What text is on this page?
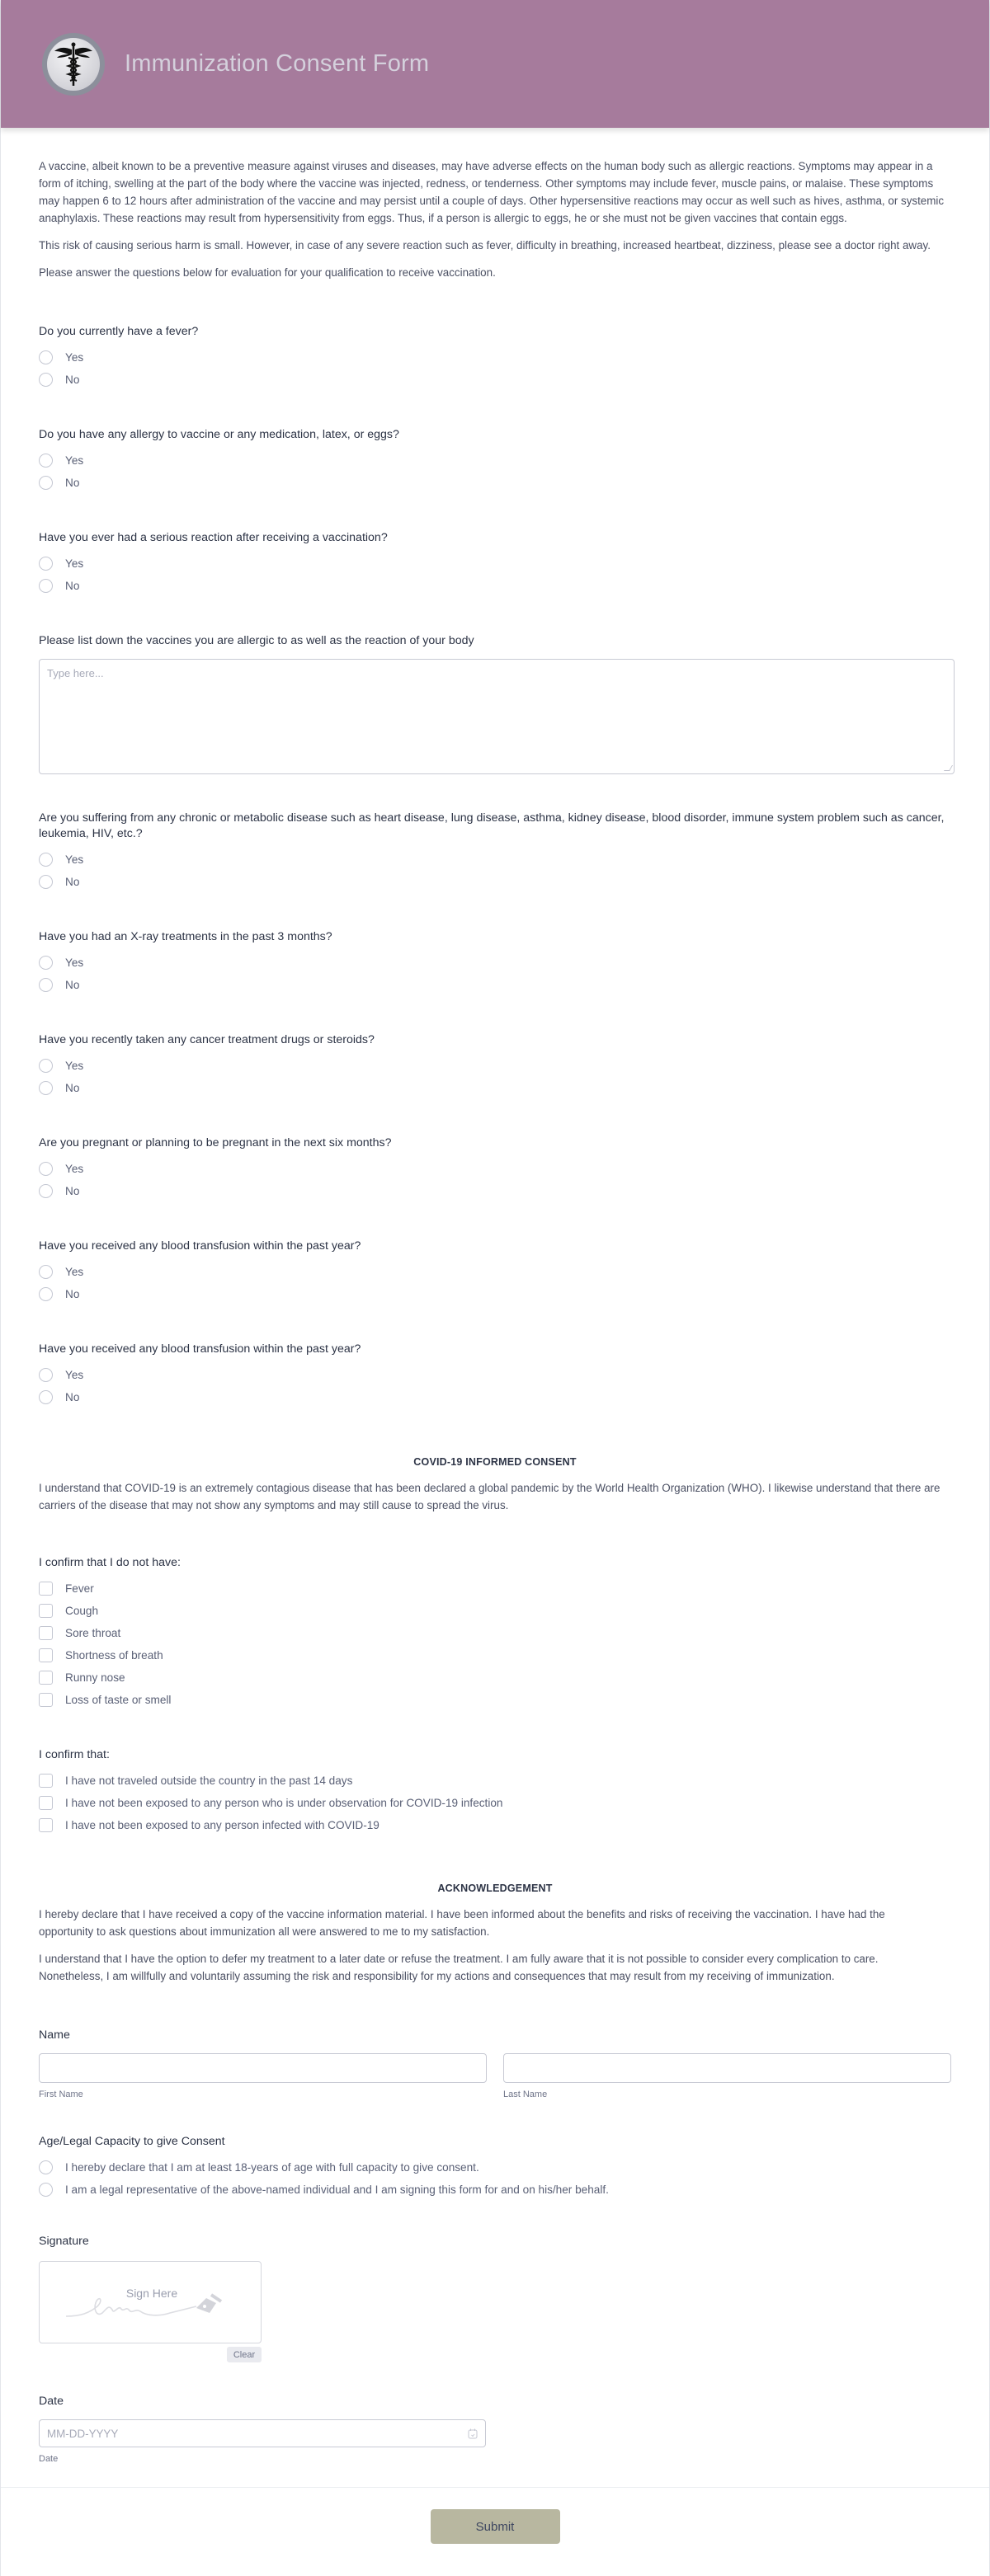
Immunization Consent Form

A vaccine, albeit known to be a preventive measure against viruses and diseases, may have adverse effects on the human body such as allergic reactions. Symptoms may appear in a form of itching, swelling at the part of the body where the vaccine was injected, redness, or tenderness. Other symptoms may include fever, muscle pains, or malaise. These symptoms may happen 6 to 12 hours after administration of the vaccine and may persist until a couple of days. Other hypersensitive reactions may occur as well such as hives, asthma, or systemic anaphylaxis. These reactions may result from hypersensitivity from eggs. Thus, if a person is allergic to eggs, he or she must not be given vaccines that contain eggs.

This risk of causing serious harm is small. However, in case of any severe reaction such as fever, difficulty in breathing, increased heartbeat, dizziness, please see a doctor right away.

Please answer the questions below for evaluation for your qualification to receive vaccination.

Do you currently have a fever?
Yes
No
Do you have any allergy to vaccine or any medication, latex, or eggs?
Yes
No
Have you ever had a serious reaction after receiving a vaccination?
Yes
No
Please list down the vaccines you are allergic to as well as the reaction of your body
Type here...
Are you suffering from any chronic or metabolic disease such as heart disease, lung disease, asthma, kidney disease, blood disorder, immune system problem such as cancer, leukemia, HIV, etc.?
Yes
No
Have you had an X-ray treatments in the past 3 months?
Yes
No
Have you recently taken any cancer treatment drugs or steroids?
Yes
No
Are you pregnant or planning to be pregnant in the next six months?
Yes
No
Have you received any blood transfusion within the past year?
Yes
No
Have you received any blood transfusion within the past year?
Yes
No
COVID-19 INFORMED CONSENT

I understand that COVID-19 is an extremely contagious disease that has been declared a global pandemic by the World Health Organization (WHO). I likewise understand that there are carriers of the disease that may not show any symptoms and may still cause to spread the virus.

I confirm that I do not have:
Fever
Cough
Sore throat
Shortness of breath
Runny nose
Loss of taste or smell
I confirm that:
I have not traveled outside the country in the past 14 days
I have not been exposed to any person who is under observation for COVID-19 infection
I have not been exposed to any person infected with COVID-19
ACKNOWLEDGEMENT

I hereby declare that I have received a copy of the vaccine information material. I have been informed about the benefits and risks of receiving the vaccination. I have had the opportunity to ask questions about immunization all were answered to me to my satisfaction.

I understand that I have the option to defer my treatment to a later date or refuse the treatment. I am fully aware that it is not possible to consider every complication to care. Nonetheless, I am willfully and voluntarily assuming the risk and responsibility for my actions and consequences that may result from my receiving of immunization.

Name
First Name	Last Name
Age/Legal Capacity to give Consent
I hereby declare that I am at least 18-years of age with full capacity to give consent.
I am a legal representative of the above-named individual and I am signing this form for and on his/her behalf.
Signature
Sign Here
Clear
Date
MM-DD-YYYY
Date
Submit
